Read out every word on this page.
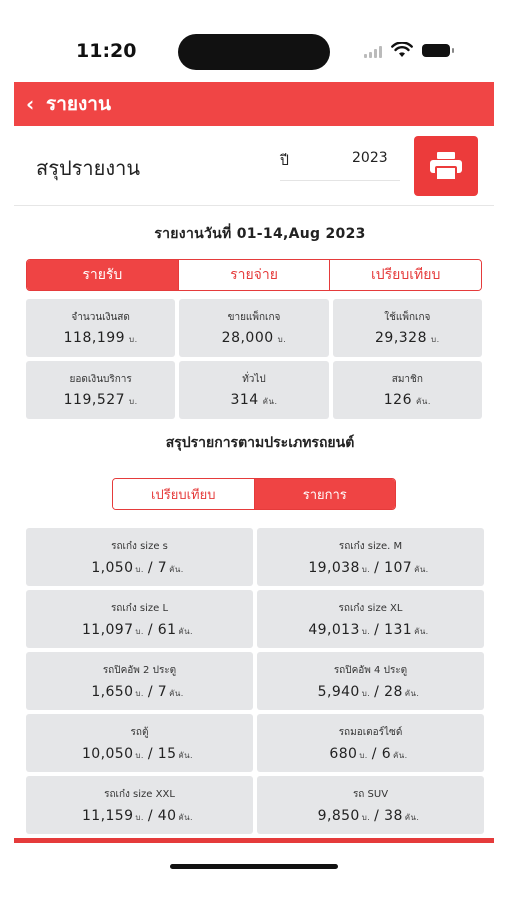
11:20
‹ รายงาน
สรุปรายงาน	ปี	2023
รายงานวันที่ 01-14,Aug 2023
รายรับ	รายจ่าย	เปรียบเทียบ
จำนวนเงินสด
118,199 บ.
ขายแพ็กเกจ
28,000 บ.
ใช้แพ็กเกจ
29,328 บ.
ยอดเงินบริการ
119,527 บ.
ทั่วไป
314 คัน.
สมาชิก
126 คัน.
สรุปรายการตามประเภทรถยนต์
เปรียบเทียบ	รายการ
รถเก๋ง size s
1,050 บ. / 7 คัน.
รถเก๋ง size. M
19,038 บ. / 107 คัน.
รถเก๋ง size L
11,097 บ. / 61 คัน.
รถเก๋ง size XL
49,013 บ. / 131 คัน.
รถปิคอัพ 2 ประตู
1,650 บ. / 7 คัน.
รถปิคอัพ 4 ประตู
5,940 บ. / 28 คัน.
รถตู้
10,050 บ. / 15 คัน.
รถมอเตอร์ไซด์
680 บ. / 6 คัน.
รถเก๋ง size XXL
11,159 บ. / 40 คัน.
รถ SUV
9,850 บ. / 38 คัน.
